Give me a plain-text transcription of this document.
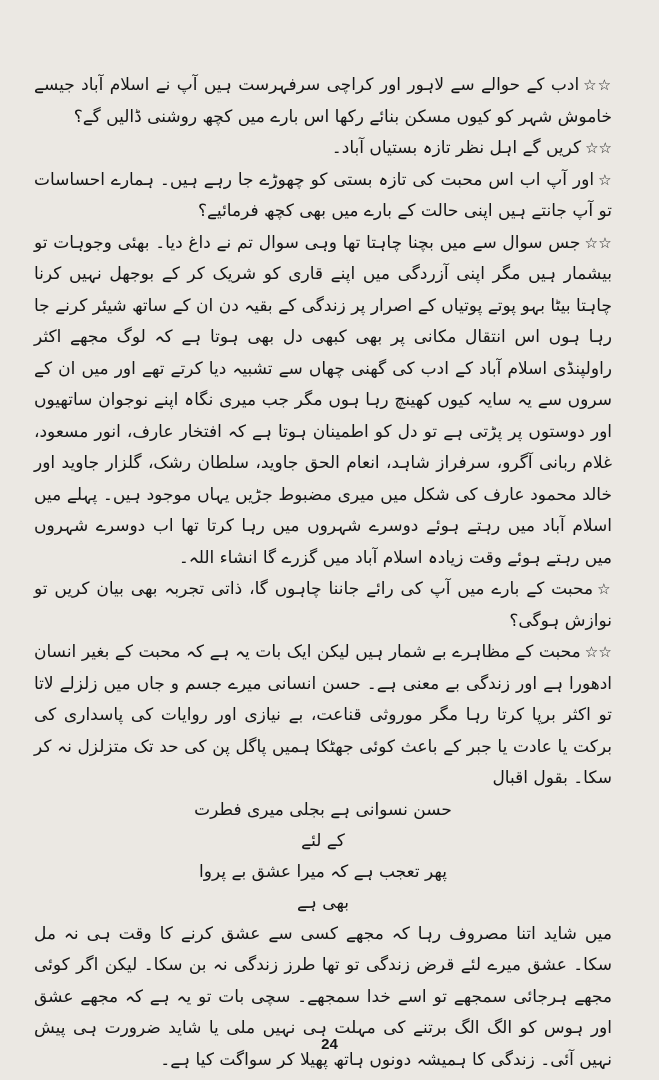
☆☆ادب کے حوالے سے لاہور اور کراچی سرفہرست ہیں آپ نے اسلام آباد جیسے خاموش شہر کو کیوں مسکن بنائے رکھا اس بارے میں کچھ روشنی ڈالیں گے؟

☆☆کریں گے اہل نظر تازہ بستیاں آباد۔

☆اور آپ اب اس محبت کی تازہ بستی کو چھوڑے جا رہے ہیں۔ ہمارے احساسات تو آپ جانتے ہیں اپنی حالت کے بارے میں بھی کچھ فرمائیے؟

☆☆جس سوال سے میں بچنا چاہتا تھا وہی سوال تم نے داغ دیا۔ بھئی وجوہات تو بیشمار ہیں مگر اپنی آزردگی میں اپنے قاری کو شریک کر کے بوجھل نہیں کرنا چاہتا بیٹا بہو پوتے پوتیاں کے اصرار پر زندگی کے بقیہ دن ان کے ساتھ شیئر کرنے جا رہا ہوں اس انتقال مکانی پر بھی کبھی دل بھی ہوتا ہے کہ لوگ مجھے اکثر راولپنڈی اسلام آباد کے ادب کی گھنی چھاں سے تشبیہ دیا کرتے تھے اور میں ان کے سروں سے یہ سایہ کیوں کھینچ رہا ہوں مگر جب میری نگاہ اپنے نوجوان ساتھیوں اور دوستوں پر پڑتی ہے تو دل کو اطمینان ہوتا ہے کہ افتخار عارف، انور مسعود، غلام ربانی آگرو، سرفراز شاہد، انعام الحق جاوید، سلطان رشک، گلزار جاوید اور خالد محمود عارف کی شکل میں میری مضبوط جڑیں یہاں موجود ہیں۔ پہلے میں اسلام آباد میں رہتے ہوئے دوسرے شہروں میں رہا کرتا تھا اب دوسرے شہروں میں رہتے ہوئے وقت زیادہ اسلام آباد میں گزرے گا انشاء اللہ۔

☆محبت کے بارے میں آپ کی رائے جاننا چاہوں گا، ذاتی تجربہ بھی بیان کریں تو نوازش ہوگی؟

☆☆محبت کے مظاہرے بے شمار ہیں لیکن ایک بات یہ ہے کہ محبت کے بغیر انسان ادھورا ہے اور زندگی بے معنی ہے۔ حسن انسانی میرے جسم و جاں میں زلزلے لاتا تو اکثر برپا کرتا رہا مگر موروثی قناعت، بے نیازی اور روایات کی پاسداری کی برکت یا عادت یا جبر کے باعث کوئی جھٹکا ہمیں پاگل پن کی حد تک متزلزل نہ کر سکا۔ بقول اقبال

حسن نسوانی ہے بجلی میری فطرت کے لئے
پھر تعجب ہے کہ میرا عشق بے پروا بھی ہے

میں شاید اتنا مصروف رہا کہ مجھے کسی سے عشق کرنے کا وقت ہی نہ مل سکا۔ عشق میرے لئے قرض زندگی تو تھا طرز زندگی نہ بن سکا۔ لیکن اگر کوئی مجھے ہرجائی سمجھے تو اسے خدا سمجھے۔ سچی بات تو یہ ہے کہ مجھے عشق اور ہوس کو الگ الگ برتنے کی مہلت ہی نہیں ملی یا شاید ضرورت ہی پیش نہیں آئی۔ زندگی کا ہمیشہ دونوں ہاتھ پھیلا کر سواگت کیا ہے۔

24
